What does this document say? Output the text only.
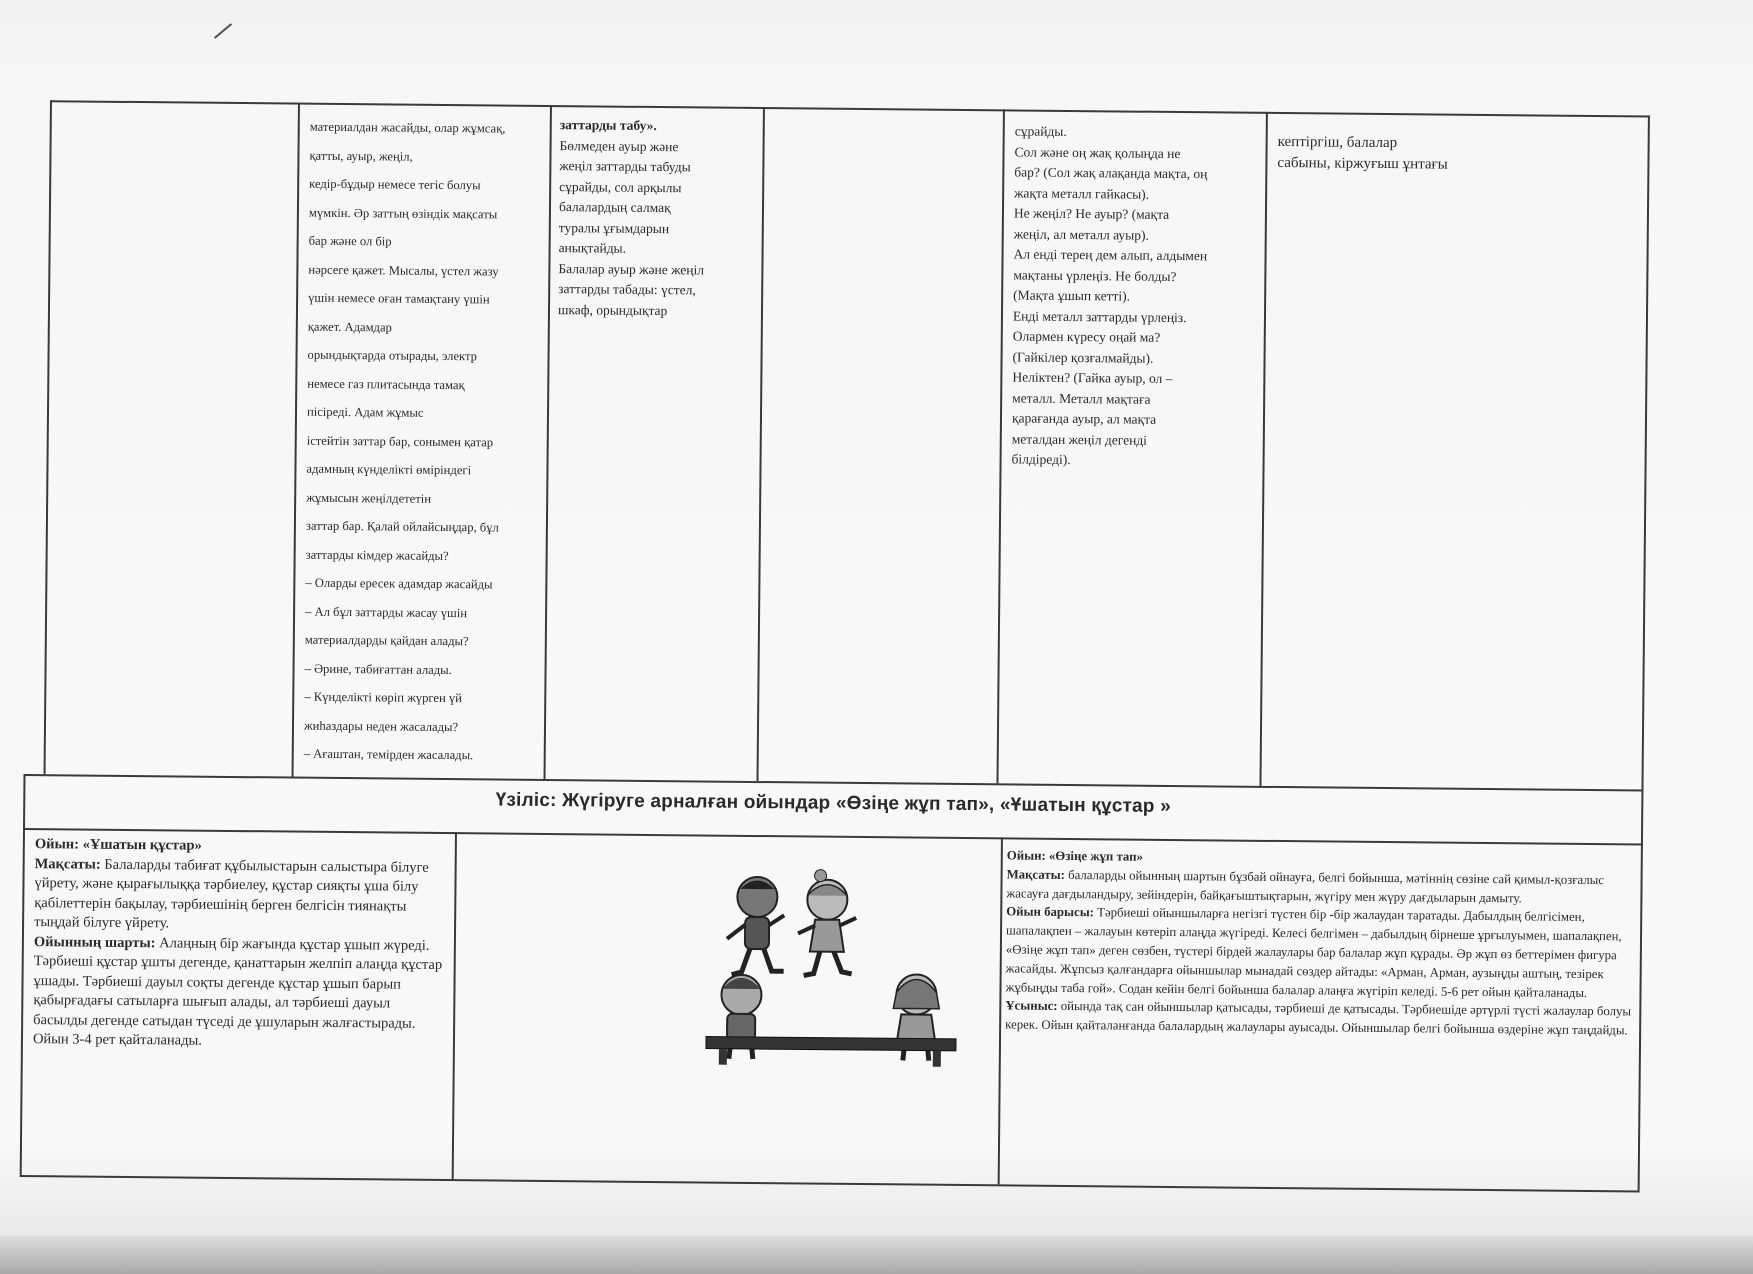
материалдан жасайды, олар жұмсақ,

қатты, ауыр, жеңіл,

кедір-бұдыр немесе тегіс болуы

мүмкін. Әр заттың өзіндік мақсаты

бар және ол бір

нәрсеге қажет. Мысалы, үстел жазу

үшін немесе оған тамақтану үшін

қажет. Адамдар

орындықтарда отырады, электр

немесе газ плитасында тамақ

пісіреді. Адам жұмыс

істейтін заттар бар, сонымен қатар

адамның күнделікті өміріндегі

жұмысын жеңілдететін

заттар бар. Қалай ойлайсыңдар, бұл

заттарды кімдер жасайды?

– Оларды ересек адамдар жасайды

– Ал бұл заттарды жасау үшін

материалдарды қайдан алады?

– Әрине, табиғаттан алады.

– Күнделікті көріп жүрген үй

жиһаздары неден жасалады?

– Ағаштан, темірден жасалады.

заттарды табу».

Бөлмеден ауыр және

жеңіл заттарды табуды

сұрайды, сол арқылы

балалардың салмақ

туралы ұғымдарын

анықтайды.

Балалар ауыр және жеңіл

заттарды табады: үстел,

шкаф, орындықтар

сұрайды.

Сол және оң жақ қолыңда не

бар? (Сол жақ алақанда мақта, оң

жақта металл гайкасы).

Не жеңіл? Не ауыр? (мақта

жеңіл, ал металл ауыр).

Ал енді терең дем алып, алдымен

мақтаны үрлеңіз. Не болды?

(Мақта ұшып кетті).

Енді металл заттарды үрлеңіз.

Олармен күресу оңай ма?

(Гайкілер қозғалмайды).

Неліктен? (Гайка ауыр, ол –

металл. Металл мақтаға

қарағанда ауыр, ал мақта

металдан жеңіл дегенді

білдіреді).

кептіргіш, балалар

сабыны, кіржуғыш ұнтағы

Үзіліс: Жүгіруге арналған ойындар «Өзіңе жұп тап», «Ұшатын құстар »

Ойын: «Ұшатын құстар»

Мақсаты: Балаларды табиғат құбылыстарын салыстыра білуге үйрету, және қырағылыққа тәрбиелеу, құстар сияқты ұша білу қабілеттерін бақылау, тәрбиешінің берген белгісін тиянақты тыңдай білуге үйрету.

Ойынның шарты: Алаңның бір жағында құстар ұшып жүреді. Тәрбиеші құстар ұшты дегенде, қанаттарын желпіп алаңда құстар ұшады. Тәрбиеші дауыл соқты дегенде құстар ұшып барып қабырғадағы сатыларға шығып алады, ал тәрбиеші дауыл басылды дегенде сатыдан түседі де ұшуларын жалғастырады. Ойын 3-4 рет қайталанады.

Ойын: «Өзіңе жұп тап»

Мақсаты: балаларды ойынның шартын бұзбай ойнауға, белгі бойынша, мәтіннің сөзіне сай қимыл-қозғалыс жасауға дағдыландыру, зейіндерін, байқағыштықтарын, жүгіру мен жүру дағдыларын дамыту.

Ойын барысы: Тәрбиеші ойыншыларға негізгі түстен бір -бір жалаудан таратады. Дабылдың белгісімен, шапалақпен – жалауын көтеріп алаңда жүгіреді. Келесі белгімен – дабылдың бірнеше ұрғылуымен, шапалақпен, «Өзіңе жұп тап» деген сөзбен, түстері бірдей жалаулары бар балалар жұп құрады. Әр жұп өз беттерімен фигура жасайды. Жұпсыз қалғандарға ойыншылар мынадай сөздер айтады: «Арман, Арман, аузыңды аштың, тезірек жұбыңды таба гой». Содан кейін белгі бойынша балалар алаңға жүгіріп келеді. 5-6 рет ойын қайталанады.

Ұсыныс: ойында тақ сан ойыншылар қатысады, тәрбиеші де қатысады. Тәрбиешіде әртүрлі түсті жалаулар болуы керек. Ойын қайталанғанда балалардың жалаулары ауысады. Ойыншылар белгі бойынша өздеріне жұп таңдайды.
